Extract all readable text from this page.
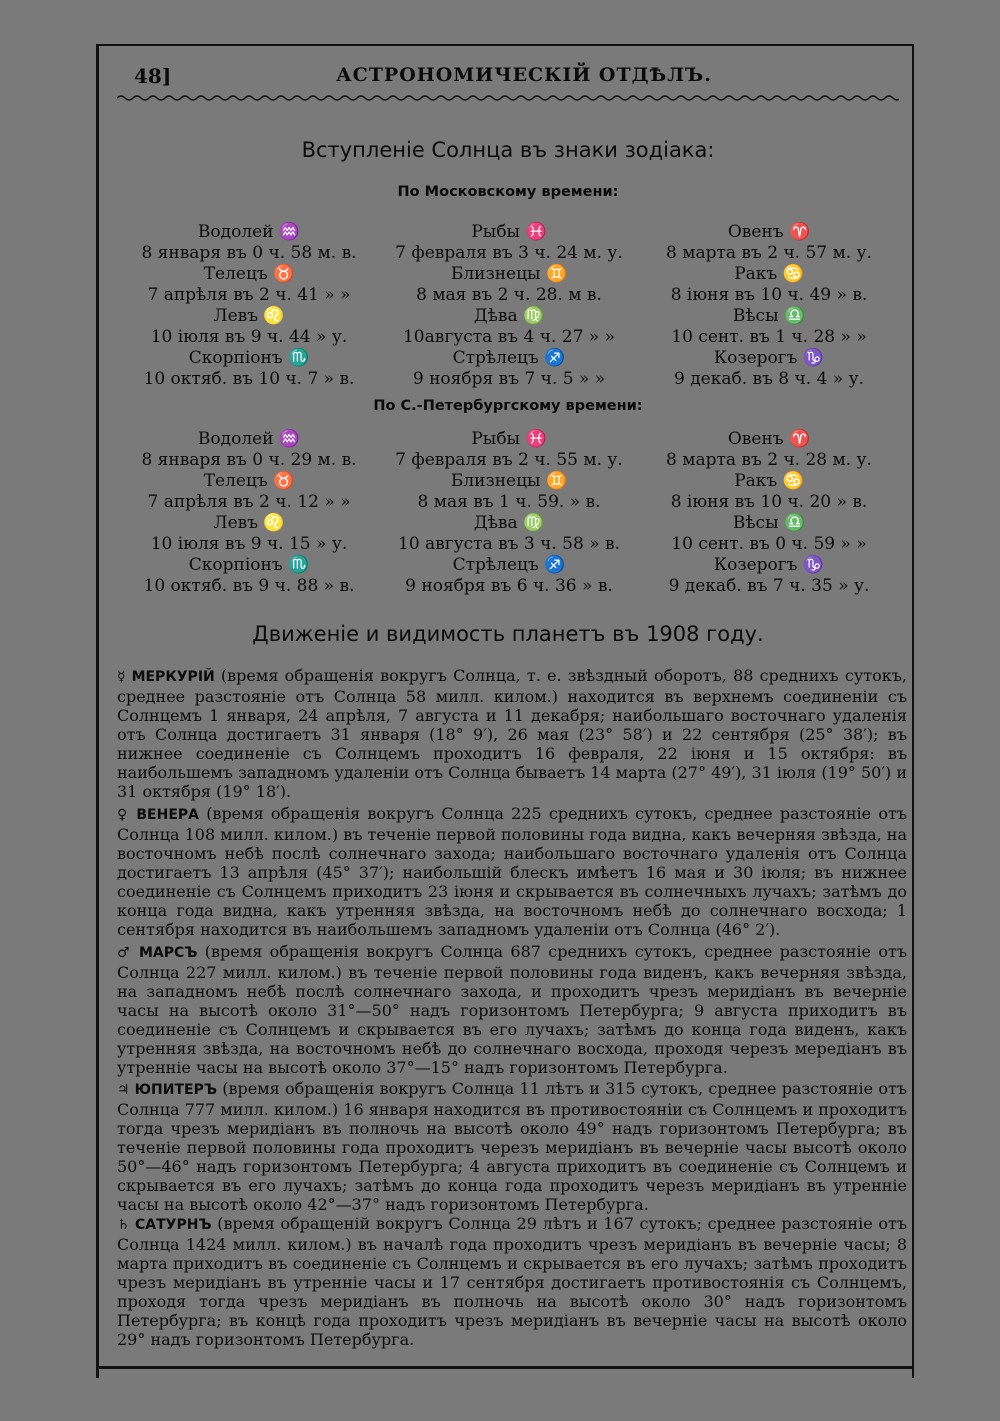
48]	АСТРОНОМИЧЕСКІЙ ОТДѢЛЪ.
Вступленіе Солнца въ знаки зодіака:
По Московскому времени:
Водолей ♒	Рыбы ♓	Овенъ ♈
8 января въ 0 ч. 58 м. в.	7 февраля въ 3 ч. 24 м. у.	8 марта въ 2 ч. 57 м. у.
Телецъ ♉	Близнецы ♊	Ракъ ♋
7 апрѣля въ 2 ч. 41 » »	8 мая въ 2 ч. 28. м в.	8 іюня въ 10 ч. 49 » в.
Левъ ♌	Дѣва ♍	Вѣсы ♎
10 іюля въ 9 ч. 44 » у.	10августа въ 4 ч. 27 » »	10 сент. въ 1 ч. 28 » »
Скорпіонъ ♏	Стрѣлецъ ♐	Козерогъ ♑
10 октяб. въ 10 ч. 7 » в.	9 ноября въ 7 ч. 5 » »	9 декаб. въ 8 ч. 4 » у.
По С.-Петербургскому времени:
Водолей ♒	Рыбы ♓	Овенъ ♈
8 января въ 0 ч. 29 м. в.	7 февраля въ 2 ч. 55 м. у.	8 марта въ 2 ч. 28 м. у.
Телецъ ♉	Близнецы ♊	Ракъ ♋
7 апрѣля въ 2 ч. 12 » »	8 мая въ 1 ч. 59. » в.	8 іюня въ 10 ч. 20 » в.
Левъ ♌	Дѣва ♍	Вѣсы ♎
10 іюля въ 9 ч. 15 » у.	10 августа въ 3 ч. 58 » в.	10 сент. въ 0 ч. 59 » »
Скорпіонъ ♏	Стрѣлецъ ♐	Козерогъ ♑
10 октяб. въ 9 ч. 88 » в.	9 ноября въ 6 ч. 36 » в.	9 декаб. въ 7 ч. 35 » у.
Движеніе и видимость планетъ въ 1908 году.

☿ МЕРКУРІЙ (время обращенія вокругъ Солнца, т. е. звѣздный оборотъ, 88 среднихъ сутокъ, среднее разстояніе отъ Солнца 58 милл. килом.) находится въ верхнемъ соединеніи съ Солнцемъ 1 января, 24 апрѣля, 7 августа и 11 декабря; наибольшаго восточнаго удаленія отъ Солнца достигаетъ 31 января (18° 9′), 26 мая (23° 58′) и 22 сентября (25° 38′); въ нижнее соединеніе съ Солнцемъ проходитъ 16 февраля, 22 іюня и 15 октября: въ наибольшемъ западномъ удаленіи отъ Солнца бываетъ 14 марта (27° 49′), 31 іюля (19° 50′) и 31 октября (19° 18′).

♀ ВЕНЕРА (время обращенія вокругъ Солнца 225 среднихъ сутокъ, среднее разстояніе отъ Солнца 108 милл. килом.) въ теченіе первой половины года видна, какъ вечерняя звѣзда, на восточномъ небѣ послѣ солнечнаго захода; наибольшаго восточнаго удаленія отъ Солнца достигаетъ 13 апрѣля (45° 37′); наибольшій блескъ имѣетъ 16 мая и 30 іюля; въ нижнее соединеніе съ Солнцемъ приходитъ 23 іюня и скрывается въ солнечныхъ лучахъ; затѣмъ до конца года видна, какъ утренняя звѣзда, на восточномъ небѣ до солнечнаго восхода; 1 сентября находится въ наибольшемъ западномъ удаленіи отъ Солнца (46° 2′).

♂ МАРСЪ (время обращенія вокругъ Солнца 687 среднихъ сутокъ, среднее разстояніе отъ Солнца 227 милл. килом.) въ теченіе первой половины года виденъ, какъ вечерняя звѣзда, на западномъ небѣ послѣ солнечнаго захода, и проходитъ чрезъ меридіанъ въ вечерніе часы на высотѣ около 31°—50° надъ горизонтомъ Петербурга; 9 августа приходитъ въ соединеніе съ Солнцемъ и скрывается въ его лучахъ; затѣмъ до конца года виденъ, какъ утренняя звѣзда, на восточномъ небѣ до солнечнаго восхода, проходя черезъ мередіанъ въ утренніе часы на высотѣ около 37°—15° надъ горизонтомъ Петербурга.

♃ ЮПИТЕРЪ (время обращенія вокругъ Солнца 11 лѣтъ и 315 сутокъ, среднее разстояніе отъ Солнца 777 милл. килом.) 16 января находится въ противостояніи съ Солнцемъ и проходитъ тогда чрезъ меридіанъ въ полночь на высотѣ около 49° надъ горизонтомъ Петербурга; въ теченіе первой половины года проходитъ черезъ меридіанъ въ вечерніе часы высотѣ около 50°—46° надъ горизонтомъ Петербурга; 4 августа приходитъ въ соединеніе съ Солнцемъ и скрывается въ его лучахъ; затѣмъ до конца года проходитъ черезъ меридіанъ въ утренніе часы на высотѣ около 42°—37° надъ горизонтомъ Петербурга.

♄ САТУРНЪ (время обращеній вокругъ Солнца 29 лѣтъ и 167 сутокъ; среднее разстояніе отъ Солнца 1424 милл. килом.) въ началѣ года проходитъ чрезъ меридіанъ въ вечерніе часы; 8 марта приходитъ въ соединеніе съ Солнцемъ и скрывается въ его лучахъ; затѣмъ проходитъ чрезъ меридіанъ въ утренніе часы и 17 сентября достигаетъ противостоянія съ Солнцемъ, проходя тогда чрезъ меридіанъ въ полночь на высотѣ около 30° надъ горизонтомъ Петербурга; въ концѣ года проходитъ чрезъ меридіанъ въ вечерніе часы на высотѣ около 29° надъ горизонтомъ Петербурга.
